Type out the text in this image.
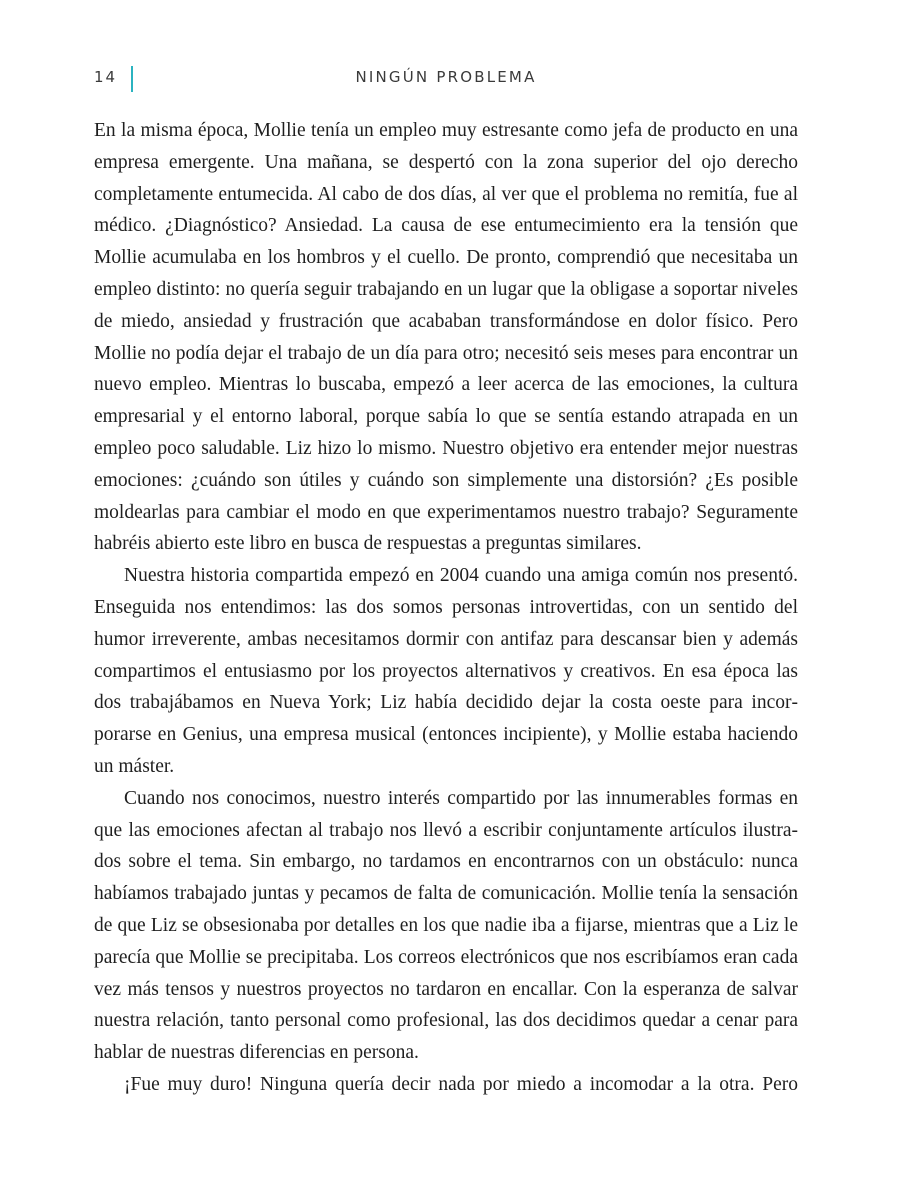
14	NINGÚN PROBLEMA

En la misma época, Mollie tenía un empleo muy estresante como jefa de producto en una empresa emergente. Una mañana, se despertó con la zona superior del ojo derecho completamente entumecida. Al cabo de dos días, al ver que el problema no remitía, fue al médico. ¿Diagnóstico? Ansiedad. La causa de ese entumecimiento era la tensión que Mollie acumulaba en los hombros y el cuello. De pronto, comprendió que necesitaba un empleo distinto: no quería seguir trabajando en un lugar que la obligase a soportar niveles de miedo, ansiedad y frustración que acababan transformándose en dolor físico. Pero Mollie no podía dejar el trabajo de un día para otro; necesitó seis meses para encontrar un nuevo empleo. Mientras lo buscaba, empezó a leer acerca de las emociones, la cultura empresarial y el entorno laboral, porque sabía lo que se sentía estando atrapada en un empleo poco saludable. Liz hizo lo mismo. Nuestro objetivo era entender mejor nuestras emociones: ¿cuándo son útiles y cuándo son simplemente una distorsión? ¿Es posible moldearlas para cambiar el modo en que experimentamos nuestro trabajo? Seguramente habréis abierto este libro en busca de respuestas a preguntas similares.

Nuestra historia compartida empezó en 2004 cuando una amiga común nos presentó. Enseguida nos entendimos: las dos somos personas introvertidas, con un sentido del humor irreverente, ambas necesitamos dormir con antifaz para descansar bien y además compartimos el entusiasmo por los proyectos alternativos y creativos. En esa época las dos trabajábamos en Nueva York; Liz había decidido dejar la costa oeste para incorporarse en Genius, una empresa musical (entonces incipiente), y Mollie estaba haciendo un máster.

Cuando nos conocimos, nuestro interés compartido por las innumerables formas en que las emociones afectan al trabajo nos llevó a escribir conjuntamente artículos ilustrados sobre el tema. Sin embargo, no tardamos en encontrarnos con un obstáculo: nunca habíamos trabajado juntas y pecamos de falta de comunicación. Mollie tenía la sensación de que Liz se obsesionaba por detalles en los que nadie iba a fijarse, mientras que a Liz le parecía que Mollie se precipitaba. Los correos electrónicos que nos escribíamos eran cada vez más tensos y nuestros proyectos no tardaron en encallar. Con la esperanza de salvar nuestra relación, tanto personal como profesional, las dos decidimos quedar a cenar para hablar de nuestras diferencias en persona.

¡Fue muy duro! Ninguna quería decir nada por miedo a incomodar a la otra. Pero
